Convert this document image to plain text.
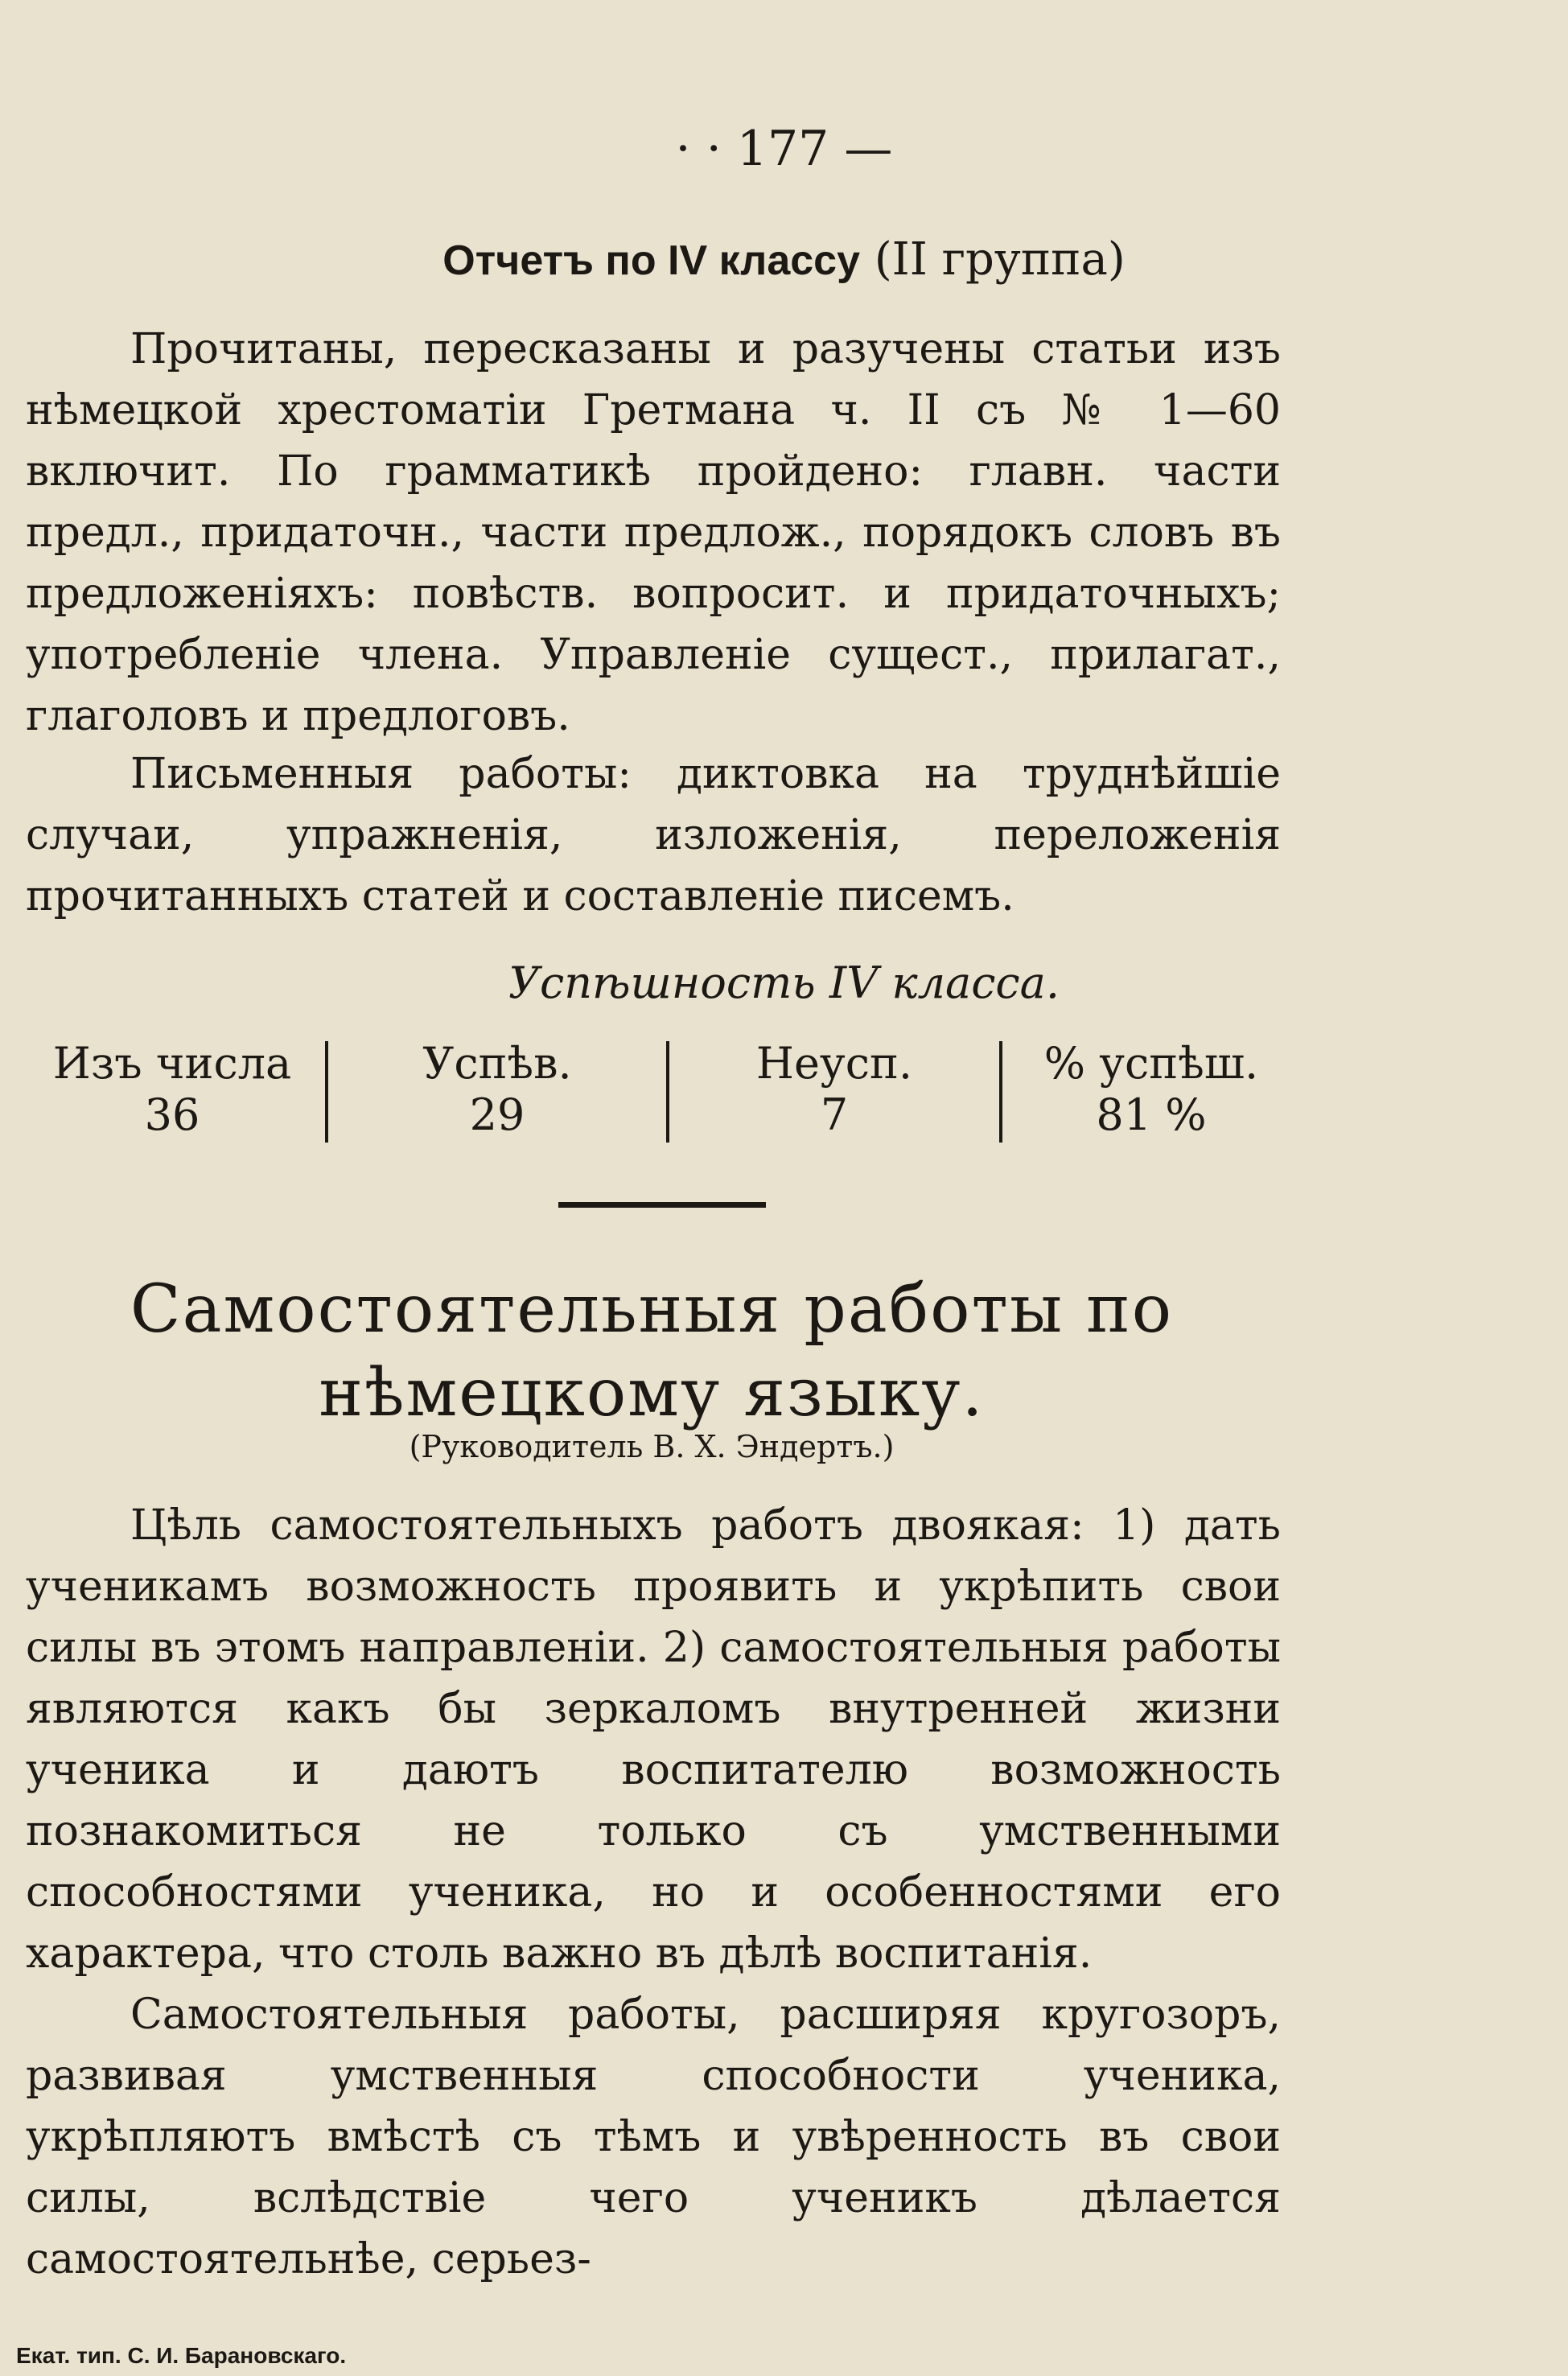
· · 177 —
Отчетъ по IV классу (II группа)

Прочитаны, пересказаны и разучены статьи изъ нѣмецкой хрестоматіи Гретмана ч. II съ № 1—60 включит. По грамматикѣ пройдено: главн. части предл., придаточн., части предлож., порядокъ словъ въ предложеніяхъ: повѣств. вопросит. и придаточныхъ; употребленіе члена. Управленіе сущест., прилагат., глаголовъ и предлоговъ.

Письменныя работы: диктовка на труднѣйшіе случаи, упражненія, изложенія, переложенія прочитанныхъ статей и составленіе писемъ.

Успѣшность IV класса.
Изъ числа
36
Успѣв.
29
Неусп.
7
% успѣш.
81 %
Самостоятельныя работы по нѣмецкому языку.
(Руководитель В. Х. Эндертъ.)

Цѣль самостоятельныхъ работъ двоякая: 1) дать ученикамъ возможность проявить и укрѣпить свои силы въ этомъ направленіи. 2) самостоятельныя работы являются какъ бы зеркаломъ внутренней жизни ученика и даютъ воспитателю возможность познакомиться не только съ умственными способностями ученика, но и особенностями его характера, что столь важно въ дѣлѣ воспитанія.

Самостоятельныя работы, расширяя кругозоръ, развивая умственныя способности ученика, укрѣпляютъ вмѣстѣ съ тѣмъ и увѣренность въ свои силы, вслѣдствіе чего ученикъ дѣлается самостоятельнѣе, серьез-

Екат. тип. С. И. Барановскаго.
